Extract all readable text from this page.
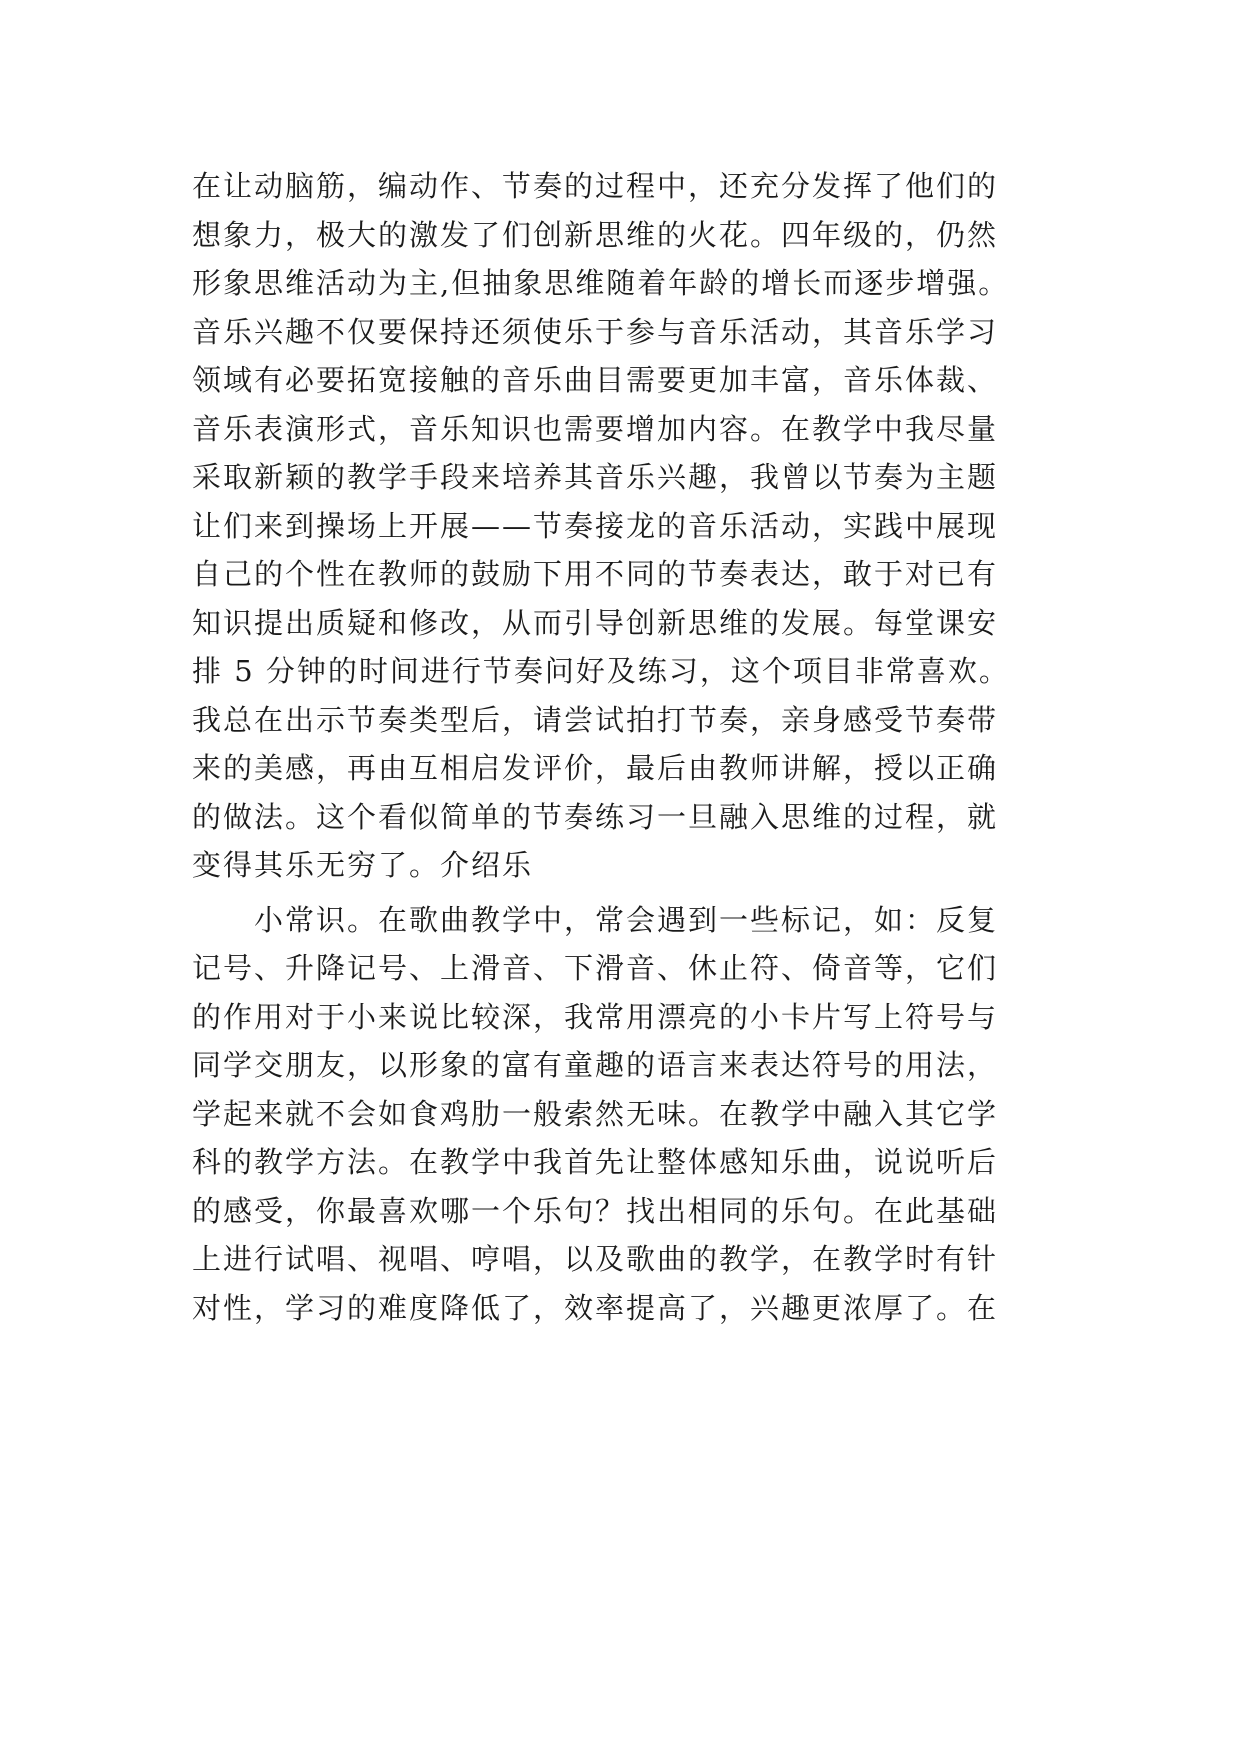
在让动脑筋，编动作、节奏的过程中，还充分发挥了他们的
想象力，极大的激发了们创新思维的火花。四年级的，仍然
形象思维活动为主,但抽象思维随着年龄的增长而逐步增强。
音乐兴趣不仅要保持还须使乐于参与音乐活动，其音乐学习
领域有必要拓宽接触的音乐曲目需要更加丰富，音乐体裁、
音乐表演形式，音乐知识也需要增加内容。在教学中我尽量
采取新颖的教学手段来培养其音乐兴趣，我曾以节奏为主题
让们来到操场上开展——节奏接龙的音乐活动，实践中展现
自己的个性在教师的鼓励下用不同的节奏表达，敢于对已有
知识提出质疑和修改，从而引导创新思维的发展。每堂课安
排 5 分钟的时间进行节奏问好及练习，这个项目非常喜欢。
我总在出示节奏类型后，请尝试拍打节奏，亲身感受节奏带
来的美感，再由互相启发评价，最后由教师讲解，授以正确
的做法。这个看似简单的节奏练习一旦融入思维的过程，就
变得其乐无穷了。介绍乐
小常识。在歌曲教学中，常会遇到一些标记，如：反复
记号、升降记号、上滑音、下滑音、休止符、倚音等，它们
的作用对于小来说比较深，我常用漂亮的小卡片写上符号与
同学交朋友，以形象的富有童趣的语言来表达符号的用法，
学起来就不会如食鸡肋一般索然无味。在教学中融入其它学
科的教学方法。在教学中我首先让整体感知乐曲，说说听后
的感受，你最喜欢哪一个乐句？找出相同的乐句。在此基础
上进行试唱、视唱、哼唱，以及歌曲的教学，在教学时有针
对性，学习的难度降低了，效率提高了，兴趣更浓厚了。在
